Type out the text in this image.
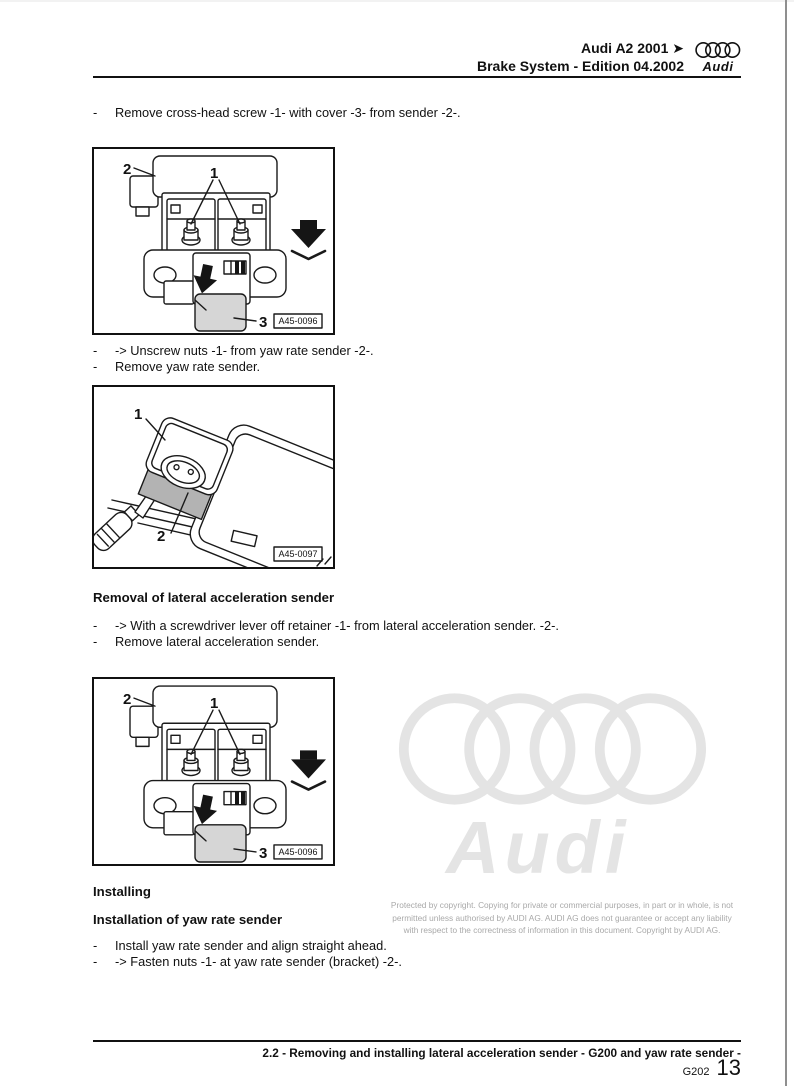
Audi A2 2001 ➤
Brake System - Edition 04.2002 Audi
-	Remove cross-head screw -1- with cover -3- from sender -2-.
2	1
3 A45-0096
-	-> Unscrew nuts -1- from yaw rate sender -2-.
-	Remove yaw rate sender.
1
2
A45-0097
Removal of lateral acceleration sender
-	-> With a screwdriver lever off retainer -1- from lateral acceleration sender. -2-.
-	Remove lateral acceleration sender.
Audi
2	1
3 A45-0096
Installing
Installation of yaw rate sender
Protected by copyright. Copying for private or commercial purposes, in part or in whole, is not
permitted unless authorised by AUDI AG. AUDI AG does not guarantee or accept any liability
with respect to the correctness of information in this document. Copyright by AUDI AG.
-	Install yaw rate sender and align straight ahead.
-	-> Fasten nuts -1- at yaw rate sender (bracket) -2-.
2.2 - Removing and installing lateral acceleration sender - G200 and yaw rate sender -
G202 13
